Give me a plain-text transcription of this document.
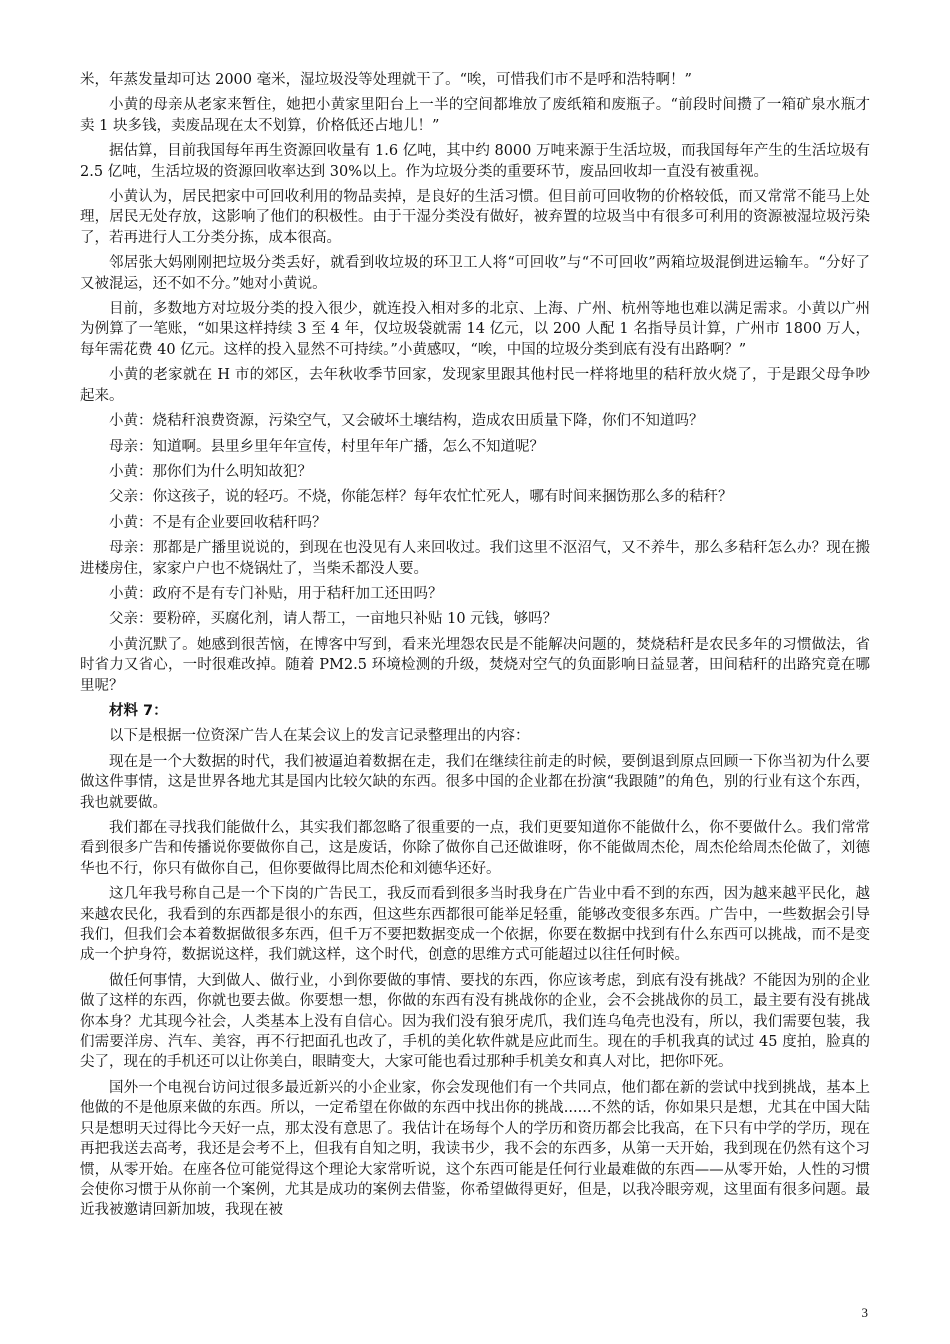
米，年蒸发量却可达 2000 毫米，湿垃圾没等处理就干了。“唉，可惜我们市不是呼和浩特啊！”

小黄的母亲从老家来暂住，她把小黄家里阳台上一半的空间都堆放了废纸箱和废瓶子。“前段时间攒了一箱矿泉水瓶才卖 1 块多钱，卖废品现在太不划算，价格低还占地儿！”

据估算，目前我国每年再生资源回收量有 1.6 亿吨，其中约 8000 万吨来源于生活垃圾，而我国每年产生的生活垃圾有 2.5 亿吨，生活垃圾的资源回收率达到 30%以上。作为垃圾分类的重要环节，废品回收却一直没有被重视。

小黄认为，居民把家中可回收利用的物品卖掉，是良好的生活习惯。但目前可回收物的价格较低，而又常常不能马上处理，居民无处存放，这影响了他们的积极性。由于干湿分类没有做好，被弃置的垃圾当中有很多可利用的资源被湿垃圾污染了，若再进行人工分类分拣，成本很高。

邻居张大妈刚刚把垃圾分类丢好，就看到收垃圾的环卫工人将“可回收”与“不可回收”两箱垃圾混倒进运输车。“分好了又被混运，还不如不分。”她对小黄说。

目前，多数地方对垃圾分类的投入很少，就连投入相对多的北京、上海、广州、杭州等地也难以满足需求。小黄以广州为例算了一笔账，“如果这样持续 3 至 4 年，仅垃圾袋就需 14 亿元，以 200 人配 1 名指导员计算，广州市 1800 万人，每年需花费 40 亿元。这样的投入显然不可持续。”小黄感叹，“唉，中国的垃圾分类到底有没有出路啊？”

小黄的老家就在 H 市的郊区，去年秋收季节回家，发现家里跟其他村民一样将地里的秸秆放火烧了，于是跟父母争吵起来。

小黄：烧秸秆浪费资源，污染空气，又会破坏土壤结构，造成农田质量下降，你们不知道吗？

母亲：知道啊。县里乡里年年宣传，村里年年广播，怎么不知道呢？

小黄：那你们为什么明知故犯？

父亲：你这孩子，说的轻巧。不烧，你能怎样？每年农忙忙死人，哪有时间来捆饬那么多的秸秆？

小黄：不是有企业要回收秸秆吗？

母亲：那都是广播里说说的，到现在也没见有人来回收过。我们这里不沤沼气，又不养牛，那么多秸秆怎么办？现在搬进楼房住，家家户户也不烧锅灶了，当柴禾都没人要。

小黄：政府不是有专门补贴，用于秸秆加工还田吗？

父亲：要粉碎，买腐化剂，请人帮工，一亩地只补贴 10 元钱，够吗？

小黄沉默了。她感到很苦恼，在博客中写到，看来光埋怨农民是不能解决问题的，焚烧秸秆是农民多年的习惯做法，省时省力又省心，一时很难改掉。随着 PM2.5 环境检测的升级，焚烧对空气的负面影响日益显著，田间秸秆的出路究竟在哪里呢？

材料 7：

以下是根据一位资深广告人在某会议上的发言记录整理出的内容：

现在是一个大数据的时代，我们被逼迫着数据在走，我们在继续往前走的时候，要倒退到原点回顾一下你当初为什么要做这件事情，这是世界各地尤其是国内比较欠缺的东西。很多中国的企业都在扮演“我跟随”的角色，别的行业有这个东西，我也就要做。

我们都在寻找我们能做什么，其实我们都忽略了很重要的一点，我们更要知道你不能做什么，你不要做什么。我们常常看到很多广告和传播说你要做你自己，这是废话，你除了做你自己还做谁呀，你不能做周杰伦，周杰伦给周杰伦做了，刘德华也不行，你只有做你自己，但你要做得比周杰伦和刘德华还好。

这几年我号称自己是一个下岗的广告民工，我反而看到很多当时我身在广告业中看不到的东西，因为越来越平民化，越来越农民化，我看到的东西都是很小的东西，但这些东西都很可能举足轻重，能够改变很多东西。广告中，一些数据会引导我们，但我们会本着数据做很多东西，但千万不要把数据变成一个依据，你要在数据中找到有什么东西可以挑战，而不是变成一个护身符，数据说这样，我们就这样，这个时代，创意的思维方式可能超过以往任何时候。

做任何事情，大到做人、做行业，小到你要做的事情、要找的东西，你应该考虑，到底有没有挑战？不能因为别的企业做了这样的东西，你就也要去做。你要想一想，你做的东西有没有挑战你的企业，会不会挑战你的员工，最主要有没有挑战你本身？尤其现今社会，人类基本上没有自信心。因为我们没有狼牙虎爪，我们连乌龟壳也没有，所以，我们需要包装，我们需要洋房、汽车、美容，再不行把面孔也改了，手机的美化软件就是应此而生。现在的手机我真的试过 45 度拍，脸真的尖了，现在的手机还可以让你美白，眼睛变大，大家可能也看过那种手机美女和真人对比，把你吓死。

国外一个电视台访问过很多最近新兴的小企业家，你会发现他们有一个共同点，他们都在新的尝试中找到挑战，基本上他做的不是他原来做的东西。所以，一定希望在你做的东西中找出你的挑战......不然的话，你如果只是想，尤其在中国大陆只是想明天过得比今天好一点，那太没有意思了。我估计在场每个人的学历和资历都会比我高，在下只有中学的学历，现在再把我送去高考，我还是会考不上，但我有自知之明，我读书少，我不会的东西多，从第一天开始，我到现在仍然有这个习惯，从零开始。在座各位可能觉得这个理论大家常听说，这个东西可能是任何行业最难做的东西——从零开始，人性的习惯会使你习惯于从你前一个案例，尤其是成功的案例去借鉴，你希望做得更好，但是，以我冷眼旁观，这里面有很多问题。最近我被邀请回新加坡，我现在被

3
